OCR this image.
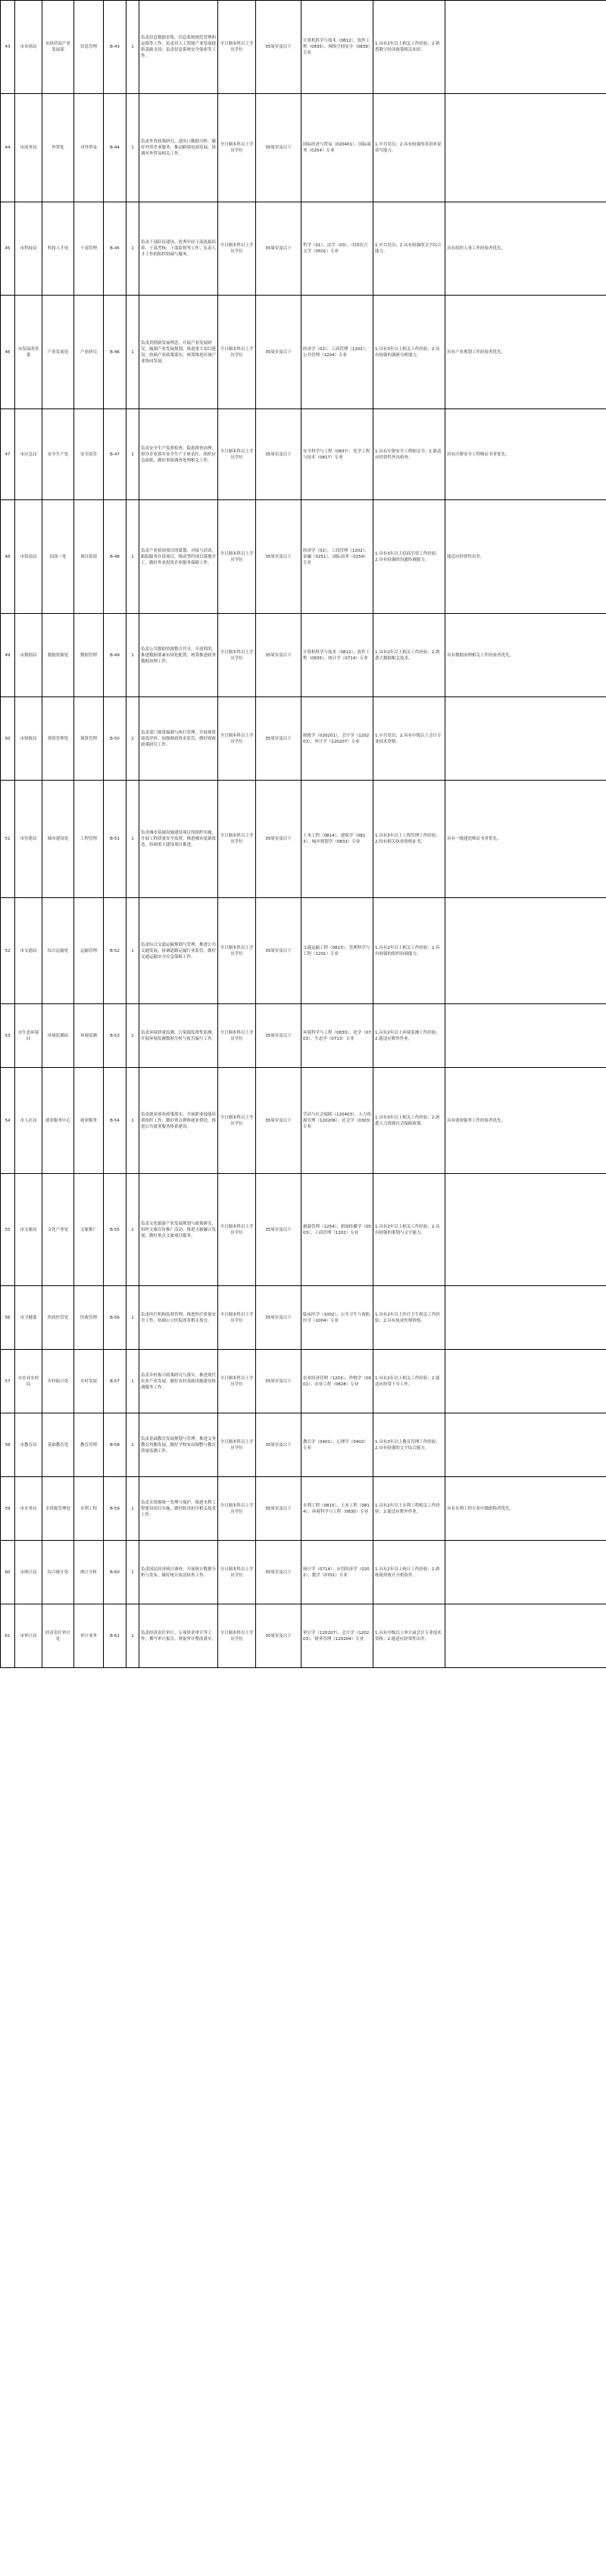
43	市市场局	市场营商产业发展部	信息管理	B-43	1	负责信息数据采集、信息系统规范管理和运维等工作；负责对人工智能产业发展提供基础支持；负责信息系统安全保密等工作。	全日制本科以上学历学位	35周岁及以下	计算机科学与技术（0812）、软件工程（0835）、网络空间安全（0839）专业	1.具有2年以上相关工作经验；2.熟悉数字经济政策相关知识。	
44	市商务局	外贸处	对外贸易	B-44	1	负责外贸政策研究、进出口数据分析，做好外贸企业服务，推动跨境电商发展，协调对外贸易相关工作。	全日制本科以上学历学位	35周岁及以下	国际经济与贸易（020401）、国际商务（0254）专业	1.中共党员；2.具有较强的英语听说读写能力。	
45	市科技局	科技人才处	干部管理	B-45	1	负责干部队伍建设、优秀年轻干部选拔培养、干部考核、干部监督等工作；负责人才工作的组织协调与服务。	全日制本科以上学历学位	35周岁及以下	哲学（01）、法学（03）、中国语言文学（0501）专业	1.中共党员；2.具有较强的文字综合能力。	具有组织人事工作经验者优先。
46	市发展改革委	产业发展处	产业研究	B-46	1	负责贯彻新发展理念，开展产业发展研究，编制产业发展规划，推进重大项目建设，协调产业政策落实，统筹推进区域产业协同发展。	全日制本科以上学历学位	35周岁及以下	经济学（02）、工商管理（1202）、公共管理（1204）专业	1.具有3年以上相关工作经验；2.具有较强的调研分析能力。	具有产业规划工作经验者优先。
47	市应急局	安全生产处	安全监管	B-47	1	负责安全生产监督检查、隐患排查治理，督导企业落实安全生产主体责任，组织应急演练，做好事故调查处理相关工作。	全日制本科以上学历学位	35周岁及以下	安全科学与工程（0837）、化学工程与技术（0817）专业	1.具有注册安全工程师证书；2.能适应经常性外出检查。	持有注册安全工程师证书者优先。
48	市招商局	招商一处	项目招商	B-48	1	负责产业招商项目的谋划、对接与洽谈，跟踪服务在谈项目，推动签约项目落地开工，做好外来投资企业服务保障工作。	全日制本科以上学历学位	35周岁及以下	经济学（02）、工商管理（1202）、金融（0251）、国际商务（0254）专业	1.具有3年以上招商引资工作经验；2.具有较强的沟通协调能力。	能适应经常性出差。
49	市数据局	数据资源处	数据管理	B-49	1	负责公共数据资源整合共享、开放利用，推进数据要素市场化配置，统筹推进政务数据治理工作。	全日制本科以上学历学位	35周岁及以下	计算机科学与技术（0812）、软件工程（0835）、统计学（0714）专业	1.具有2年以上相关工作经验；2.熟悉大数据相关技术。	具有数据治理相关工作经验者优先。
50	市财政局	预算管理处	预算管理	B-50	1	负责部门预算编制与执行管理，开展预算绩效评价，加强财政资金监管，做好财政政策研究工作。	全日制本科以上学历学位	35周岁及以下	财政学（020201）、会计学（120203）、审计学（120207）专业	1.中共党员；2.具有中级以上会计专业技术资格。	
51	市住建局	城市建设处	工程管理	B-51	1	负责城市基础设施建设项目的组织实施，开展工程质量安全监督，推进城市更新改造，协调重大建设项目推进。	全日制本科以上学历学位	35周岁及以下	土木工程（0814）、建筑学（0813）、城乡规划学（0833）专业	1.具有3年以上工程管理工作经验；2.持有相关执业资格证书。	具有一级建造师证书者优先。
52	市交通局	综合运输处	运输管理	B-52	1	负责综合交通运输规划与管理，推进公共交通发展，协调道路运输行业监管，做好交通运输安全应急保障工作。	全日制本科以上学历学位	35周岁及以下	交通运输工程（0823）、管理科学与工程（1201）专业	1.具有2年以上相关工作经验；2.具有较强的组织协调能力。	
53	市生态环境局	环境监测站	环境监测	B-53	1	负责环境质量监测、污染源监督性监测，开展环境监测数据分析与报告编写工作。	全日制本科以上学历学位	35周岁及以下	环境科学与工程（0830）、化学（0703）、生态学（0713）专业	1.具有2年以上环境监测工作经验；2.能适应野外作业。	
54	市人社局	就业服务中心	就业服务	B-54	1	负责就业创业政策落实，开展职业技能培训组织工作，做好重点群体就业帮扶，推进公共就业服务体系建设。	全日制本科以上学历学位	35周岁及以下	劳动与社会保障（120403）、人力资源管理（120206）、社会学（0303）专业	1.具有3年以上相关工作经验；2.熟悉人力资源社会保障政策。	具有就业服务工作经验者优先。
55	市文旅局	文化产业处	文旅推广	B-55	1	负责文化旅游产业发展规划与政策研究，组织文旅宣传推广活动，推进文旅融合发展，做好重点文旅项目服务。	全日制本科以上学历学位	35周岁及以下	旅游管理（1254）、新闻传播学（0503）、工商管理（1202）专业	1.具有2年以上相关工作经验；2.具有较强的策划与文字能力。	
56	市卫健委	医政医管处	医政管理	B-56	1	负责医疗机构监督管理，推进医疗质量安全工作，协调公立医院改革相关事宜。	全日制本科以上学历学位	35周岁及以下	临床医学（1002）、公共卫生与预防医学（1004）专业	1.具有2年以上医疗卫生相关工作经验；2.具有执业医师资格。	
57	市农业农村局	乡村振兴处	乡村发展	B-57	1	负责乡村振兴政策研究与落实，推进现代农业产业发展，做好农村基础设施建设协调服务工作。	全日制本科以上学历学位	35周岁及以下	农业经济管理（1203）、作物学（0901）、农业工程（0828）专业	1.具有2年以上相关工作经验；2.能适应经常下乡工作。	
58	市教育局	基础教育处	教育管理	B-58	1	负责基础教育发展规划与管理，推进义务教育均衡发展，做好学校布局调整与教育质量监测工作。	全日制本科以上学历学位	35周岁及以下	教育学（0401）、心理学（0402）专业	1.具有3年以上教育管理工作经验；2.具有较强的文字综合能力。	
59	市水务局	水资源管理处	水利工程	B-59	1	负责水资源统一管理与保护，推进水利工程建设项目实施，做好防汛抗旱相关技术工作。	全日制本科以上学历学位	35周岁及以下	水利工程（0815）、土木工程（0814）、环境科学与工程（0830）专业	1.具有2年以上水利工程相关工作经验；2.能适应野外作业。	具有水利工程专业中级职称者优先。
60	市统计局	综合统计处	统计分析	B-60	1	负责国民经济统计调查，开展统计数据分析与发布，做好统计执法检查工作。	全日制本科以上学历学位	35周岁及以下	统计学（0714）、应用经济学（0202）、数学（0701）专业	1.具有2年以上统计工作经验；2.熟练使用统计分析软件。	
61	市审计局	经济责任审计处	审计业务	B-61	1	负责经济责任审计、专项资金审计等工作，撰写审计报告，督促审计整改落实。	全日制本科以上学历学位	35周岁及以下	审计学（120207）、会计学（120203）、财务管理（120204）专业	1.具有中级以上审计或会计专业技术资格；2.能适应经常性出差。	
